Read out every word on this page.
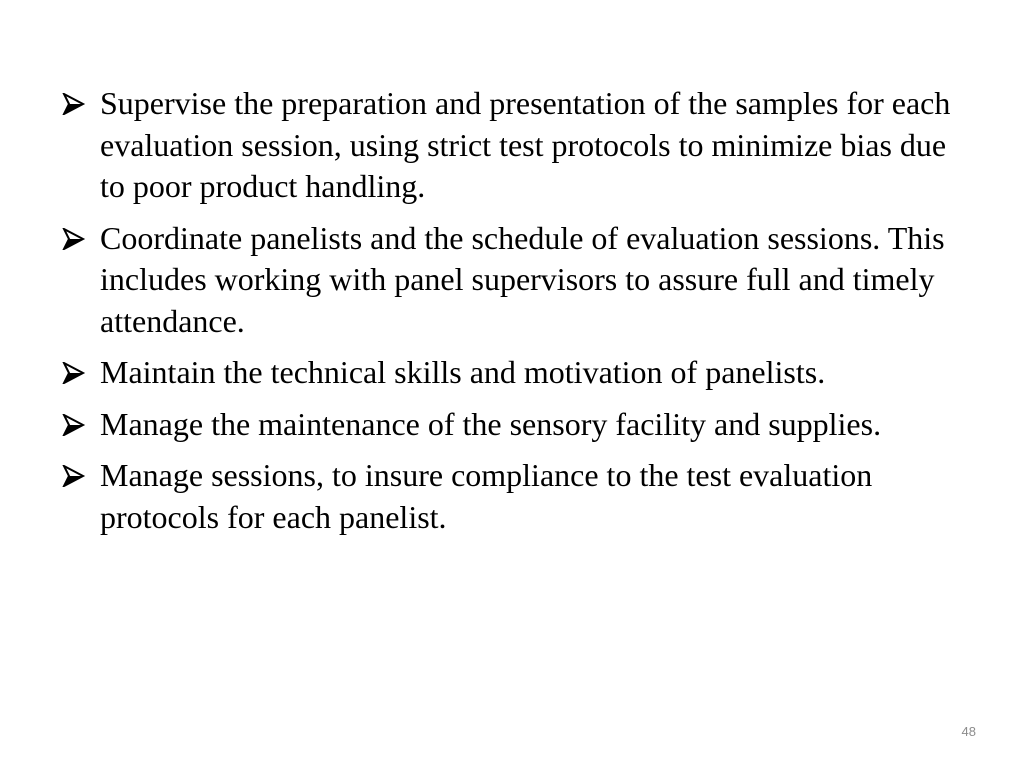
Supervise the preparation and presentation of the samples for each evaluation session, using strict test protocols to minimize bias due to poor product handling.
Coordinate panelists and the schedule of evaluation sessions. This includes working with panel supervisors to assure full and timely attendance.
Maintain the technical skills and motivation of panelists.
Manage the maintenance of the sensory facility and supplies.
Manage sessions, to insure compliance to the test evaluation protocols for each panelist.
48
